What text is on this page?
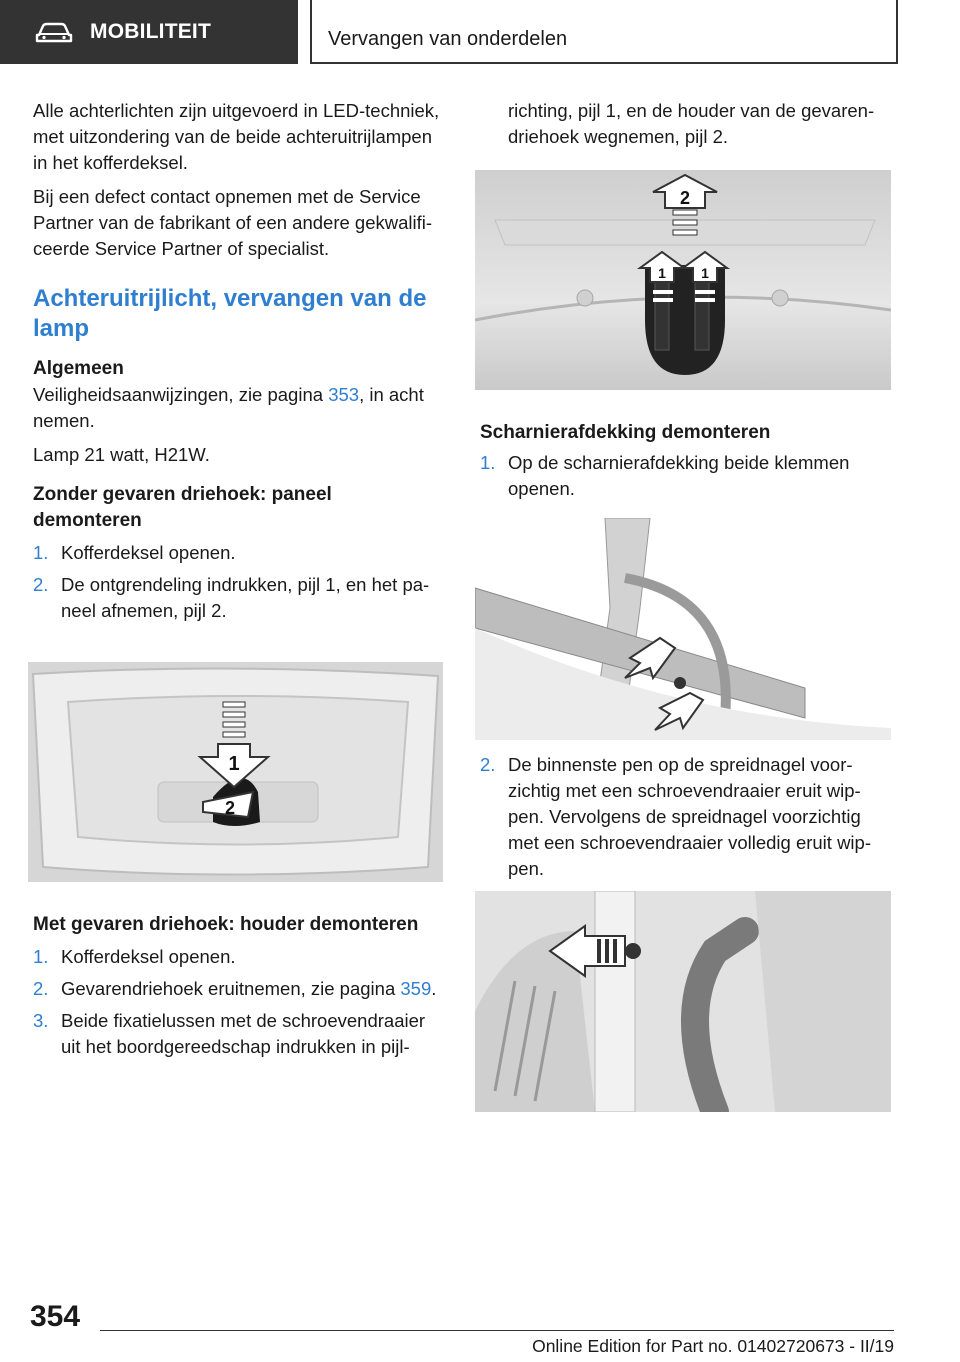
MOBILITEIT	Vervangen van onderdelen

Alle achterlichten zijn uitgevoerd in LED-techniek, met uitzondering van de beide achteruitrijlampen in het kofferdeksel.

Bij een defect contact opnemen met de Service Partner van de fabrikant of een andere gekwalificeerde Service Partner of specialist.

Achteruitrijlicht, vervangen van de lamp
Algemeen

Veiligheidsaanwijzingen, zie pagina 353, in acht nemen.

Lamp 21 watt, H21W.

Zonder gevaren driehoek: paneel demonteren
1. Kofferdeksel openen.
2. De ontgrendeling indrukken, pijl 1, en het paneel afnemen, pijl 2.
1
2
Met gevaren driehoek: houder demonteren
1. Kofferdeksel openen.
2. Gevarendriehoek eruitnemen, zie pagina 359.
3. Beide fixatielussen met de schroevendraaier uit het boordgereedschap indrukken in pijl-
richting, pijl 1, en de houder van de gevarendriehoek wegnemen, pijl 2.
2
1	1
Scharnierafdekking demonteren
1. Op de scharnierafdekking beide klemmen openen.
2. De binnenste pen op de spreidnagel voorzichtig met een schroevendraaier eruit wippen. Vervolgens de spreidnagel voorzichtig met een schroevendraaier volledig eruit wippen.
354
Online Edition for Part no. 01402720673 - II/19
